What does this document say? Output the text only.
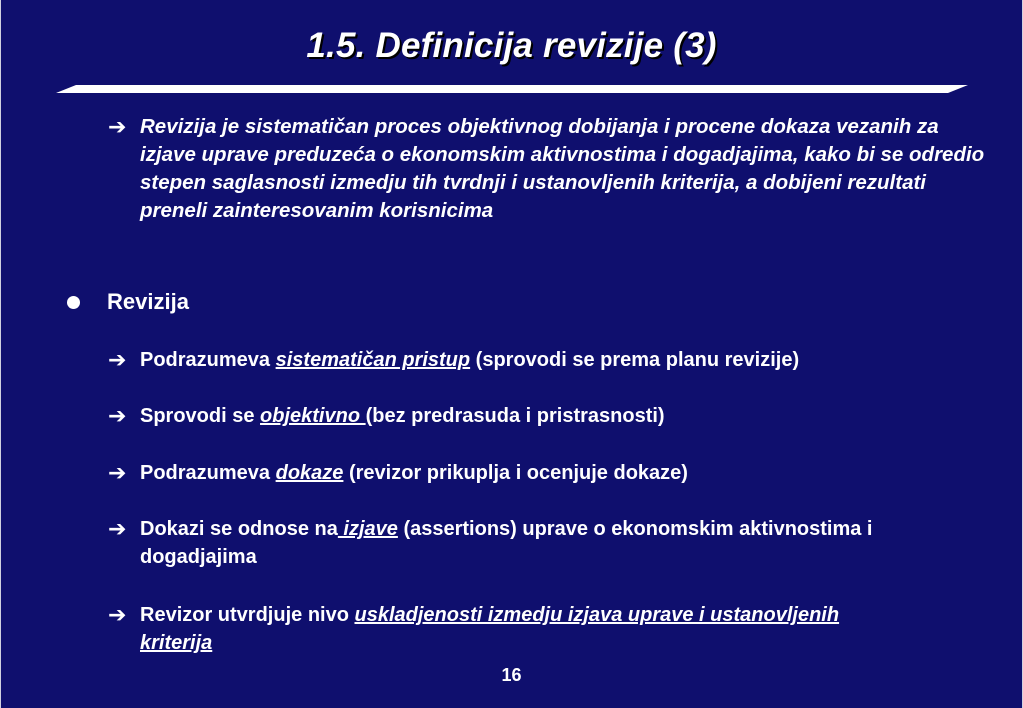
1.5. Definicija revizije (3)
➔ Revizija je sistematičan proces objektivnog dobijanja i procene dokaza vezanih za izjave uprave preduzeća o ekonomskim aktivnostima i dogadjajima, kako bi se odredio stepen saglasnosti izmedju tih tvrdnji i ustanovljenih kriterija, a dobijeni rezultati preneli zainteresovanim korisnicima
Revizija
➔ Podrazumeva sistematičan pristup (sprovodi se prema planu revizije)
➔ Sprovodi se objektivno (bez predrasuda i pristrasnosti)
➔ Podrazumeva dokaze (revizor prikuplja i ocenjuje dokaze)
➔ Dokazi se odnose na izjave (assertions) uprave o ekonomskim aktivnostima i dogadjajima
➔ Revizor utvrdjuje nivo uskladjenosti izmedju izjava uprave i ustanovljenih kriterija
16
